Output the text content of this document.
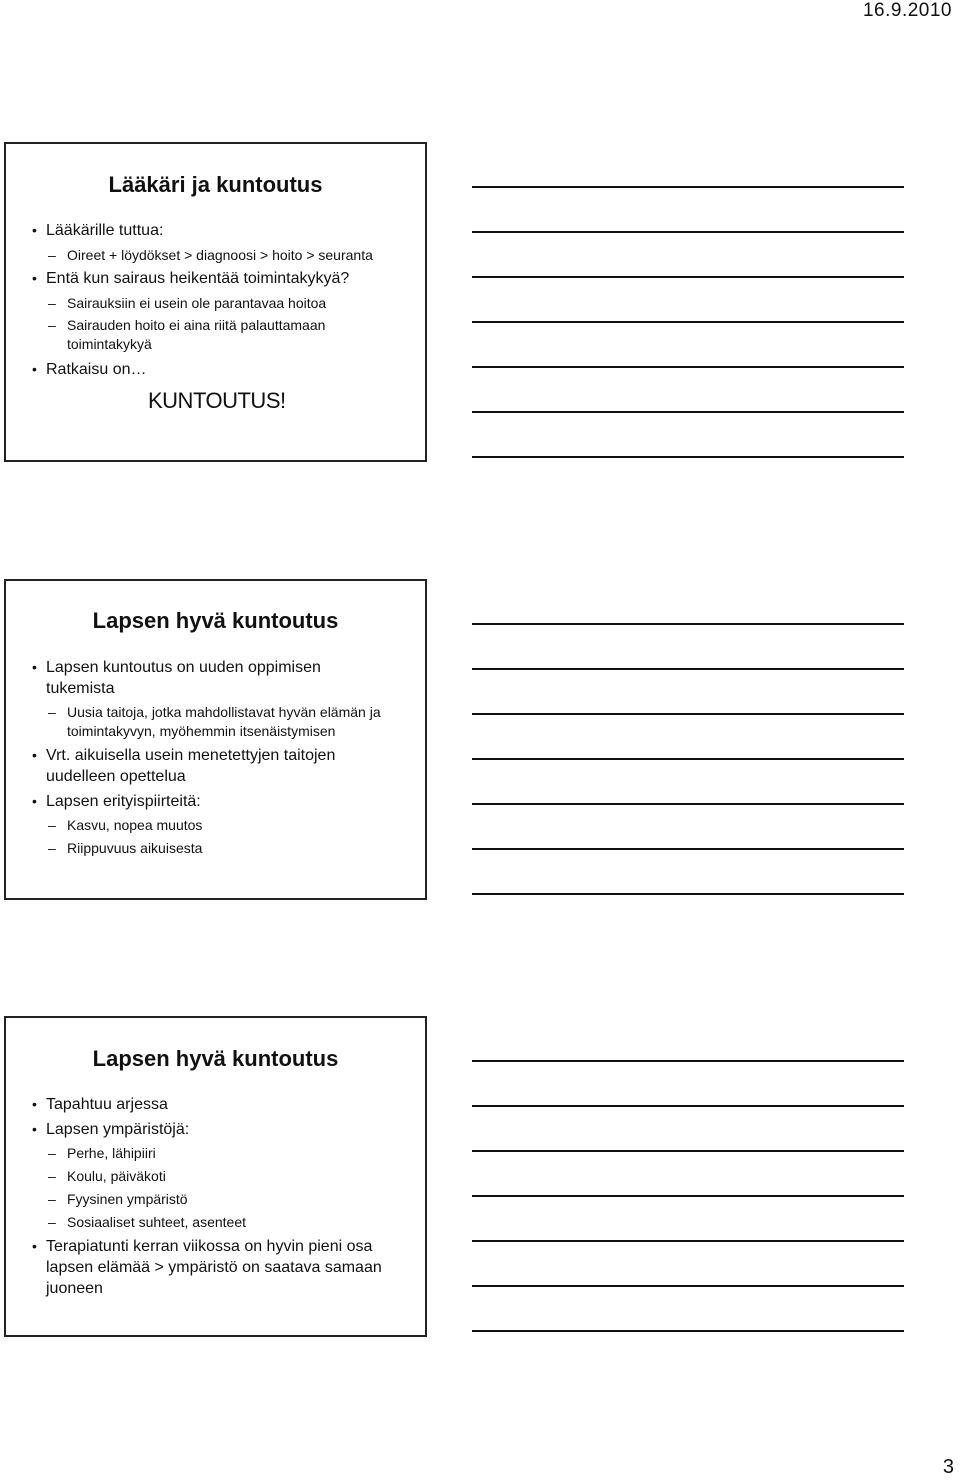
16.9.2010
Lääkäri ja kuntoutus
• Lääkärille tuttua:
– Oireet + löydökset > diagnoosi > hoito > seuranta
• Entä kun sairaus heikentää toimintakykyä?
– Sairauksiin ei usein ole parantavaa hoitoa
– Sairauden hoito ei aina riitä palauttamaan toimintakykyä
• Ratkaisu on…
KUNTOUTUS!
Lapsen hyvä kuntoutus
• Lapsen kuntoutus on uuden oppimisen tukemista
– Uusia taitoja, jotka mahdollistavat hyvän elämän ja toimintakyvyn, myöhemmin itsenäistymisen
• Vrt. aikuisella usein menetettyjen taitojen uudelleen opettelua
• Lapsen erityispiirteitä:
– Kasvu, nopea muutos
– Riippuvuus aikuisesta
Lapsen hyvä kuntoutus
• Tapahtuu arjessa
• Lapsen ympäristöjä:
– Perhe, lähipiiri
– Koulu, päiväkoti
– Fyysinen ympäristö
– Sosiaaliset suhteet, asenteet
• Terapiatunti kerran viikossa on hyvin pieni osa lapsen elämää > ympäristö on saatava samaan juoneen
3
